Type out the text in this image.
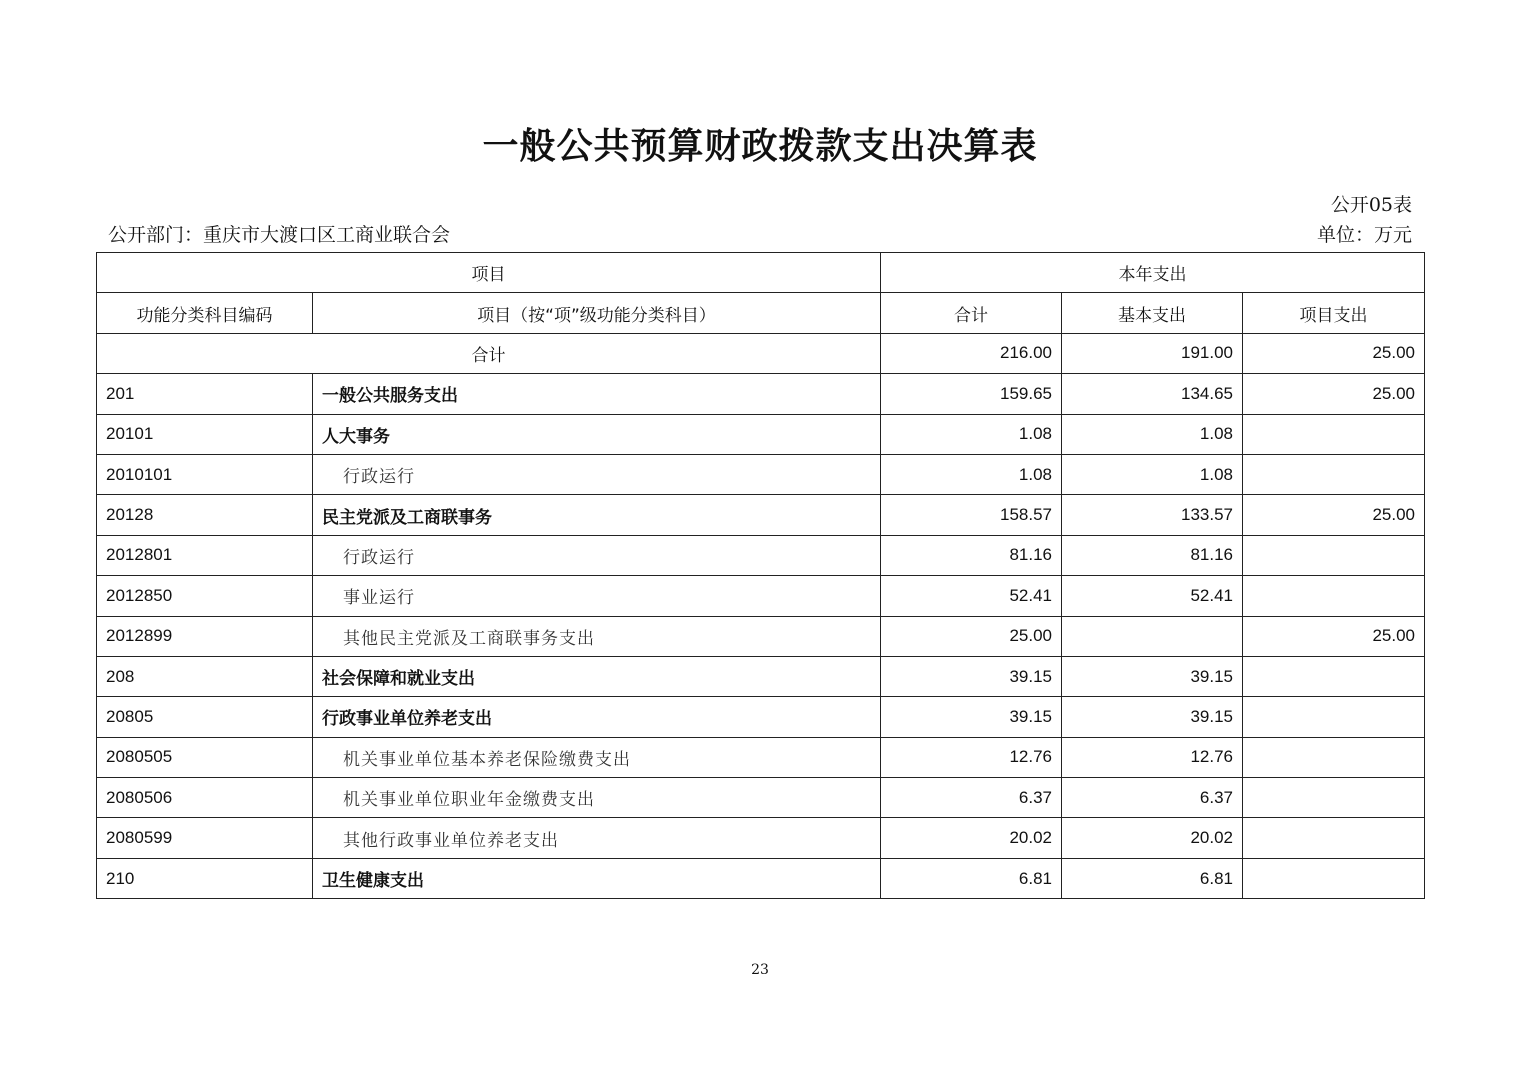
一般公共预算财政拨款支出决算表
公开05表
公开部门：重庆市大渡口区工商业联合会	单位：万元
项目		本年支出		
功能分类科目编码	项目（按“项”级功能分类科目）	合计	基本支出	项目支出
合计		216.00	191.00	25.00
201	一般公共服务支出	159.65	134.65	25.00
20101	人大事务	1.08	1.08	
2010101	行政运行	1.08	1.08	
20128	民主党派及工商联事务	158.57	133.57	25.00
2012801	行政运行	81.16	81.16	
2012850	事业运行	52.41	52.41	
2012899	其他民主党派及工商联事务支出	25.00		25.00
208	社会保障和就业支出	39.15	39.15	
20805	行政事业单位养老支出	39.15	39.15	
2080505	机关事业单位基本养老保险缴费支出	12.76	12.76	
2080506	机关事业单位职业年金缴费支出	6.37	6.37	
2080599	其他行政事业单位养老支出	20.02	20.02	
210	卫生健康支出	6.81	6.81	
23
